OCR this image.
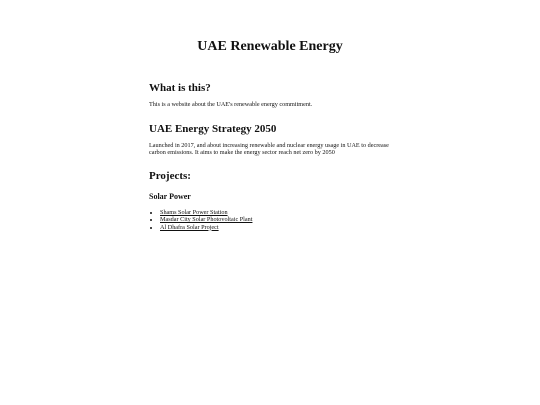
UAE Renewable Energy
What is this?

This is a website about the UAE's renewable energy commitment.

UAE Energy Strategy 2050

Launched in 2017, and about increasing renewable and nuclear energy usage in UAE to decrease carbon emissions. It aims to make the energy sector reach net zero by 2050

Projects:
Solar Power
• Shams Solar Power Station
• Masdar City Solar Photovoltaic Plant
• Al Dhafra Solar Project
